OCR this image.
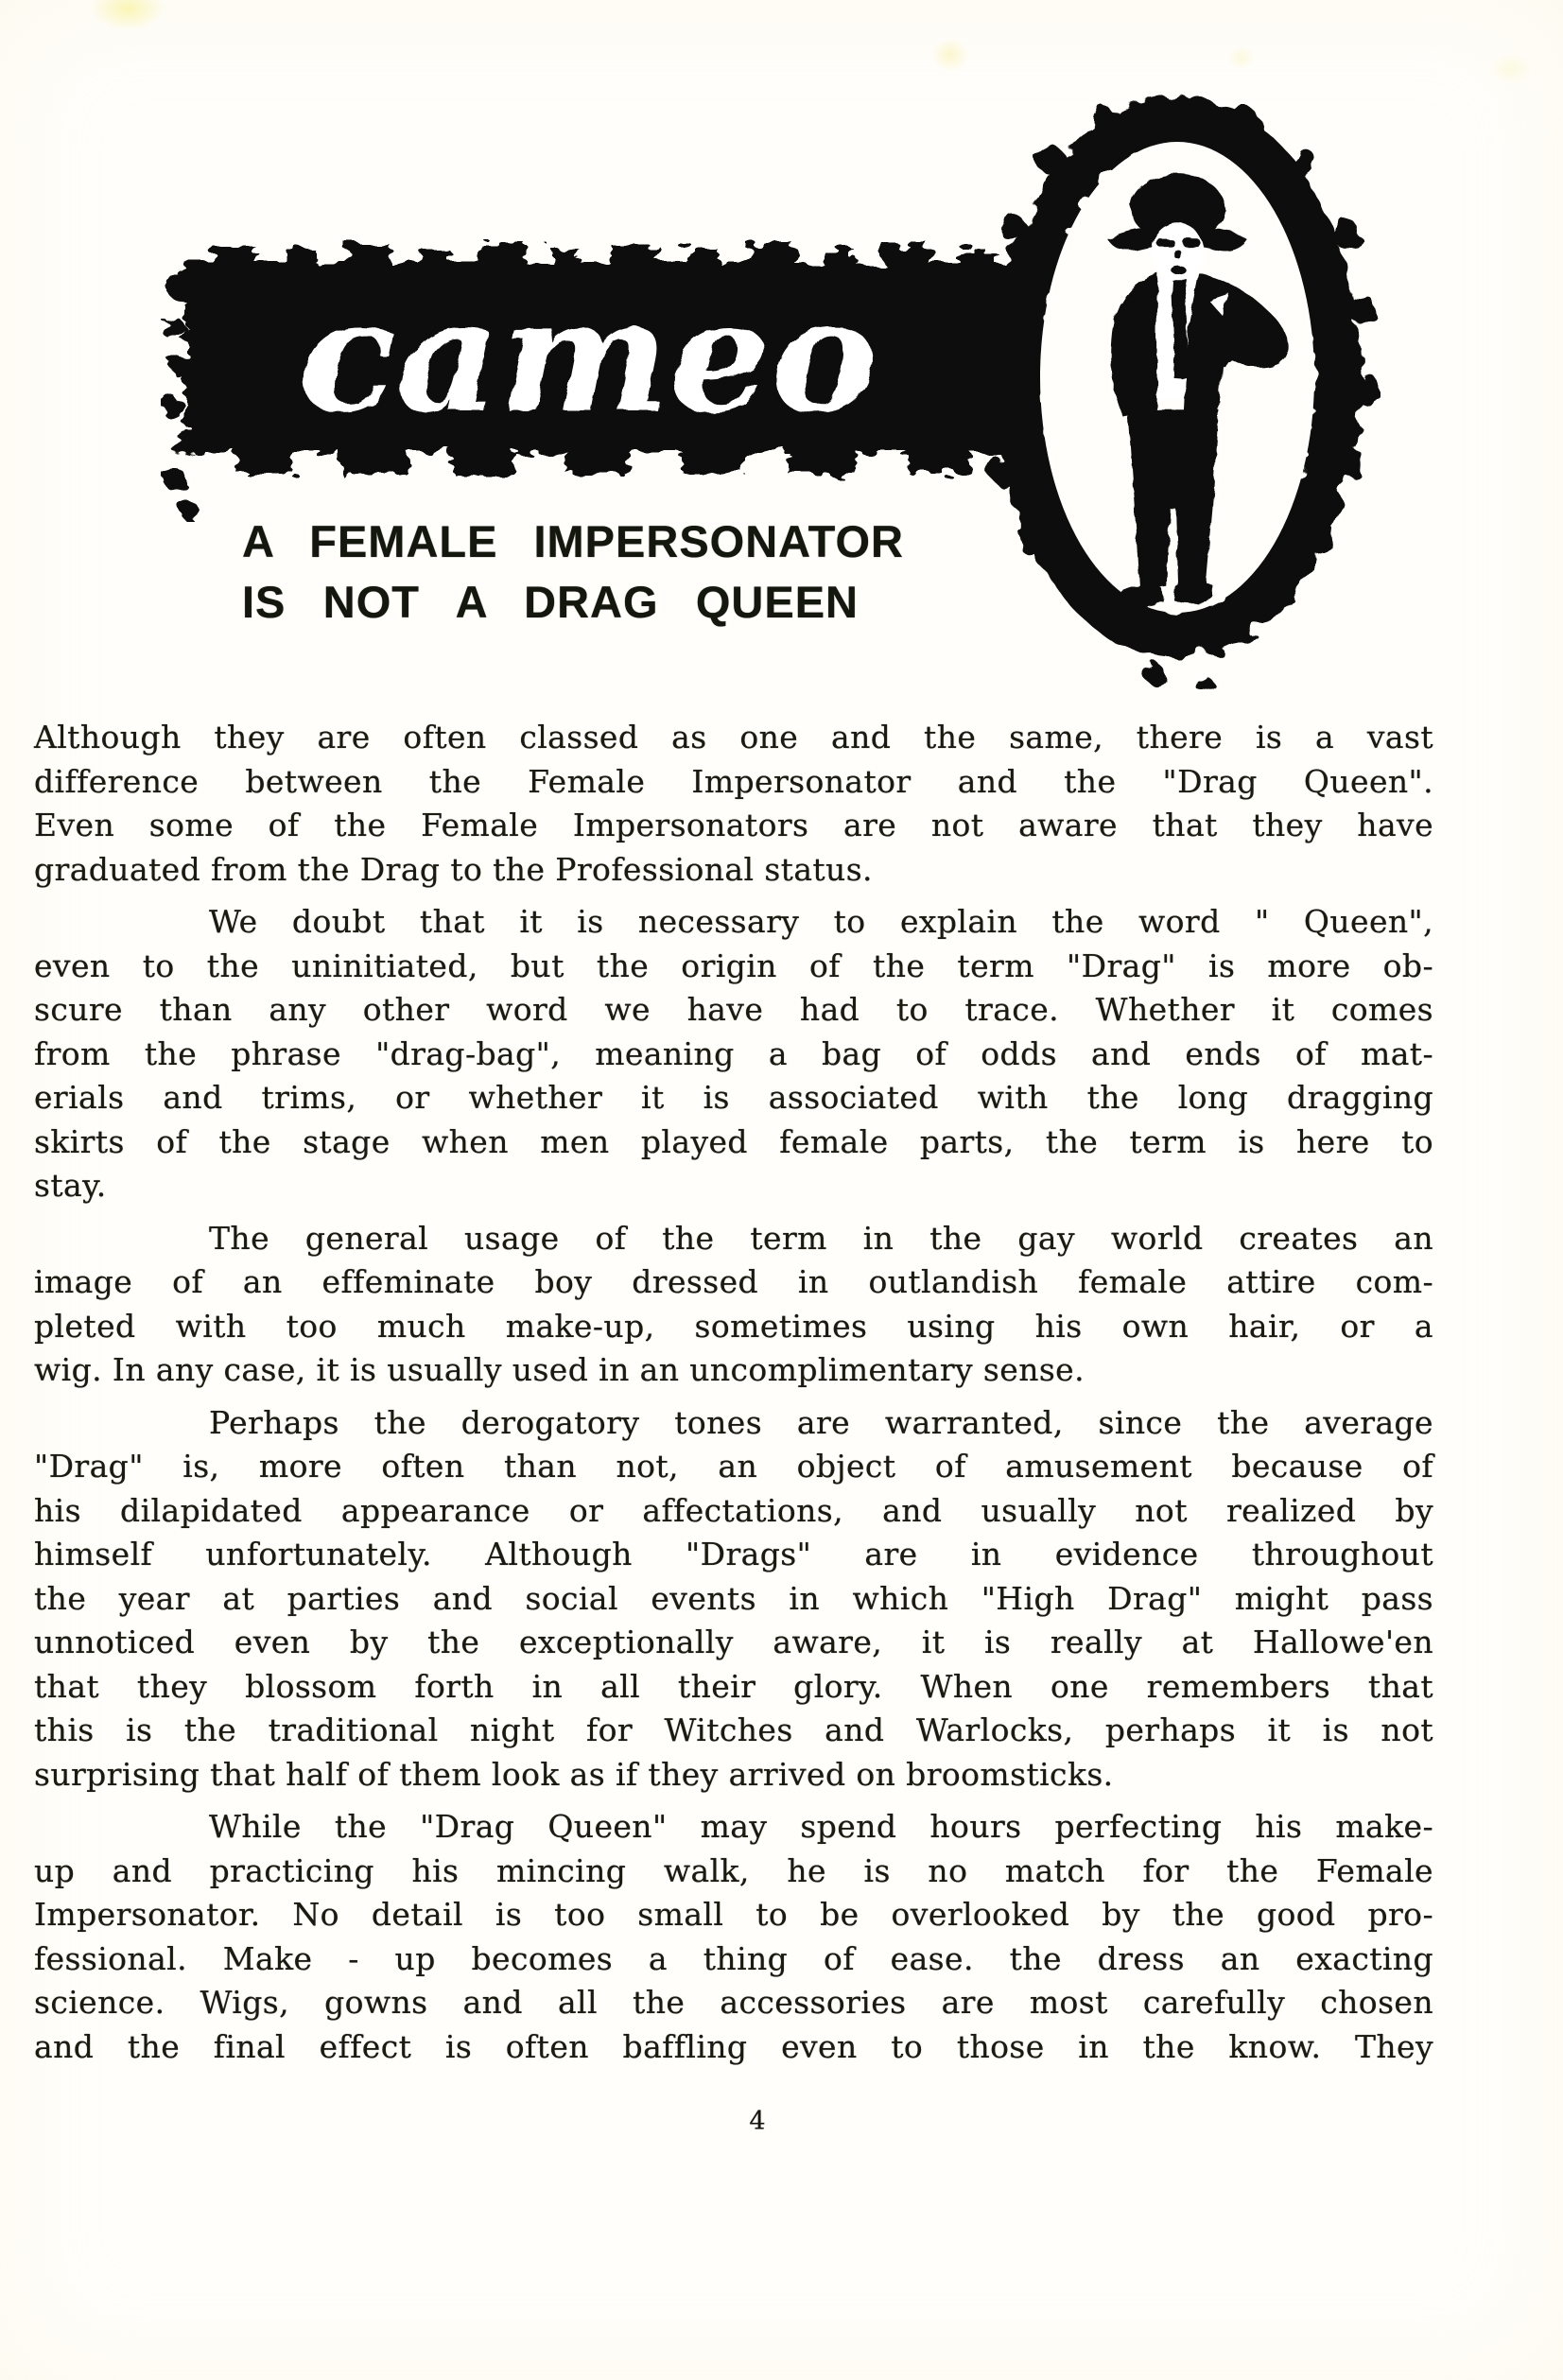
cameo
A FEMALE IMPERSONATOR
IS NOT A DRAG QUEEN
Although they are often classed as one and the same, there is a vast
difference between the Female Impersonator and the "Drag Queen".
Even some of the Female Impersonators are not aware that they have
graduated from the Drag to the Professional status.
We doubt that it is necessary to explain the word " Queen",
even to the uninitiated, but the origin of the term "Drag" is more ob-
scure than any other word we have had to trace. Whether it comes
from the phrase "drag-bag", meaning a bag of odds and ends of mat-
erials and trims, or whether it is associated with the long dragging
skirts of the stage when men played female parts, the term is here to
stay.
The general usage of the term in the gay world creates an
image of an effeminate boy dressed in outlandish female attire com-
pleted with too much make-up, sometimes using his own hair, or a
wig. In any case, it is usually used in an uncomplimentary sense.
Perhaps the derogatory tones are warranted, since the average
"Drag" is, more often than not, an object of amusement because of
his dilapidated appearance or affectations, and usually not realized by
himself unfortunately. Although "Drags" are in evidence throughout
the year at parties and social events in which "High Drag" might pass
unnoticed even by the exceptionally aware, it is really at Hallowe'en
that they blossom forth in all their glory. When one remembers that
this is the traditional night for Witches and Warlocks, perhaps it is not
surprising that half of them look as if they arrived on broomsticks.
While the "Drag Queen" may spend hours perfecting his make-
up and practicing his mincing walk, he is no match for the Female
Impersonator. No detail is too small to be overlooked by the good pro-
fessional. Make - up becomes a thing of ease. the dress an exacting
science. Wigs, gowns and all the accessories are most carefully chosen
and the final effect is often baffling even to those in the know. They
4
